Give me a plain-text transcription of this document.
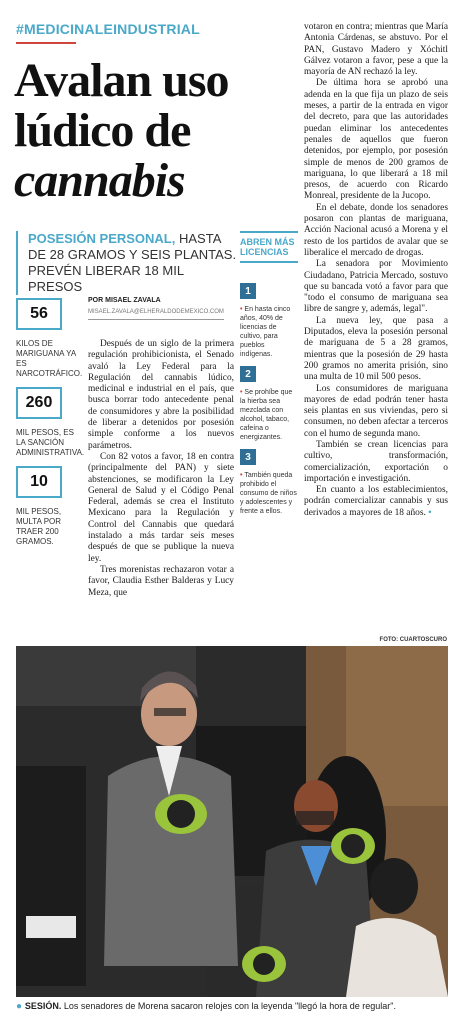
#MEDICINALEINDUSTRIAL
Avalan uso
lúdico de
cannabis
POSESIÓN PERSONAL, HASTA DE 28 GRAMOS Y SEIS PLANTAS. PREVÉN LIBERAR 18 MIL PRESOS
POR MISAEL ZAVALA
MISAEL.ZAVALA@ELHERALDODEMEXICO.COM
56
KILOS DE MARIGUANA YA ES NARCOTRÁFICO.
260
MIL PESOS, ES LA SANCIÓN ADMINISTRATIVA.
10
MIL PESOS, MULTA POR TRAER 200 GRAMOS.

Después de un siglo de la primera regulación prohibicionista, el Senado avaló la Ley Federal para la Regulación del cannabis lúdico, medicinal e industrial en el país, que busca borrar todo antecedente penal de consumidores y abre la posibilidad de liberar a detenidos por posesión simple conforme a los nuevos parámetros.

Con 82 votos a favor, 18 en contra (principalmente del PAN) y siete abstenciones, se modificaron la Ley General de Salud y el Código Penal Federal, además se crea el Instituto Mexicano para la Regulación y Control del Cannabis que quedará instalado a más tardar seis meses después de que se publique la nueva ley.

Tres morenistas rechazaron votar a favor, Claudia Esther Balderas y Lucy Meza, que

ABREN MÁS LICENCIAS
1
• En hasta cinco años, 40% de licencias de cultivo, para pueblos indígenas.
2
• Se prohíbe que la hierba sea mezclada con alcohol, tabaco, cafeína o energizantes.
3
• También queda prohibido el consumo de niños y adolescentes y frente a ellos.

votaron en contra; mientras que María Antonia Cárdenas, se abstuvo. Por el PAN, Gustavo Madero y Xóchitl Gálvez votaron a favor, pese a que la mayoría de AN rechazó la ley.

De última hora se aprobó una adenda en la que fija un plazo de seis meses, a partir de la entrada en vigor del decreto, para que las autoridades puedan eliminar los antecedentes penales de aquellos que fueron detenidos, por ejemplo, por posesión simple de menos de 200 gramos de mariguana, lo que liberará a 18 mil presos, de acuerdo con Ricardo Monreal, presidente de la Jucopo.

En el debate, donde los senadores posaron con plantas de mariguana, Acción Nacional acusó a Morena y el resto de los partidos de avalar que se liberalice el mercado de drogas.

La senadora por Movimiento Ciudadano, Patricia Mercado, sostuvo que su bancada votó a favor para que "todo el consumo de mariguana sea libre de sangre y, además, legal".

La nueva ley, que pasa a Diputados, eleva la posesión personal de mariguana de 5 a 28 gramos, mientras que la posesión de 29 hasta 200 gramos no amerita prisión, sino una multa de 10 mil 500 pesos.

Los consumidores de mariguana mayores de edad podrán tener hasta seis plantas en sus viviendas, pero si consumen, no deben afectar a terceros con el humo de segunda mano.

También se crean licencias para cultivo, transformación, comercialización, exportación o importación e investigación.

En cuanto a los establecimientos, podrán comercializar cannabis y sus derivados a mayores de 18 años. •

FOTO: CUARTOSCURO
● SESIÓN. Los senadores de Morena sacaron relojes con la leyenda "llegó la hora de regular".
